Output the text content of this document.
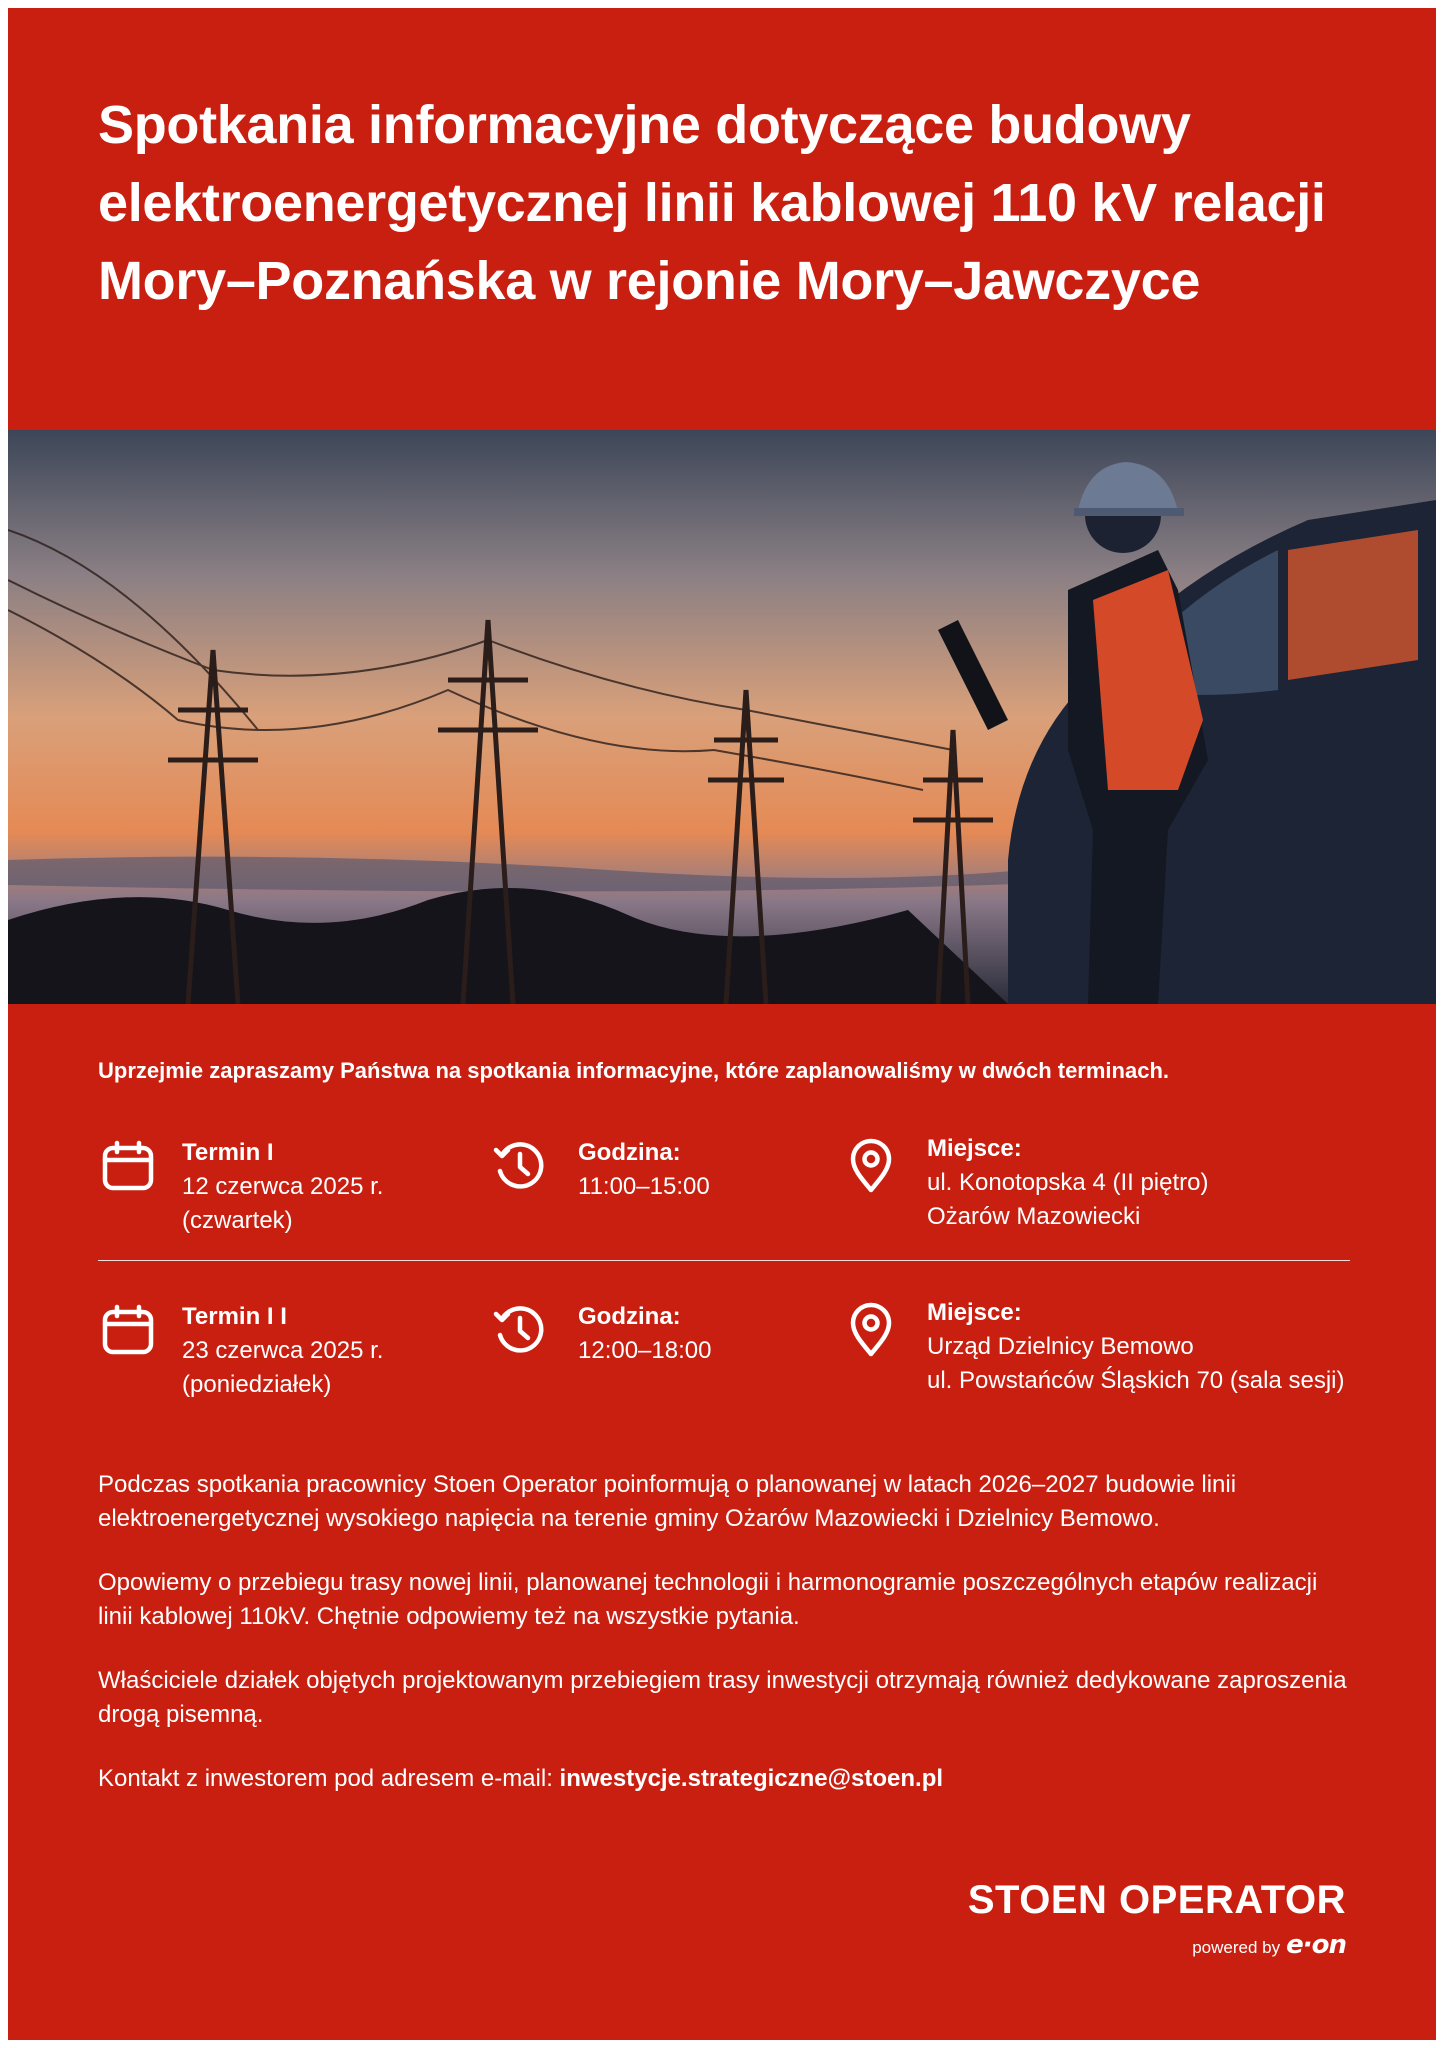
Spotkania informacyjne dotyczące budowy elektroenergetycznej linii kablowej 110 kV relacji Mory–Poznańska w rejonie Mory–Jawczyce

Uprzejmie zapraszamy Państwa na spotkania informacyjne, które zaplanowaliśmy w dwóch terminach.

Termin I
12 czerwca 2025 r.
(czwartek)
Godzina:
11:00–15:00
Miejsce:
ul. Konotopska 4 (II piętro)
Ożarów Mazowiecki
Termin I I
23 czerwca 2025 r.
(poniedziałek)
Godzina:
12:00–18:00
Miejsce:
Urząd Dzielnicy Bemowo
ul. Powstańców Śląskich 70 (sala sesji)

Podczas spotkania pracownicy Stoen Operator poinformują o planowanej w latach 2026–2027 budowie linii elektroenergetycznej wysokiego napięcia na terenie gminy Ożarów Mazowiecki i Dzielnicy Bemowo.

Opowiemy o przebiegu trasy nowej linii, planowanej technologii i harmonogramie poszczególnych etapów realizacji linii kablowej 110kV. Chętnie odpowiemy też na wszystkie pytania.

Właściciele działek objętych projektowanym przebiegiem trasy inwestycji otrzymają również dedykowane zaproszenia drogą pisemną.

Kontakt z inwestorem pod adresem e-mail: inwestycje.strategiczne@stoen.pl

STOEN OPERATOR
powered by e·on
